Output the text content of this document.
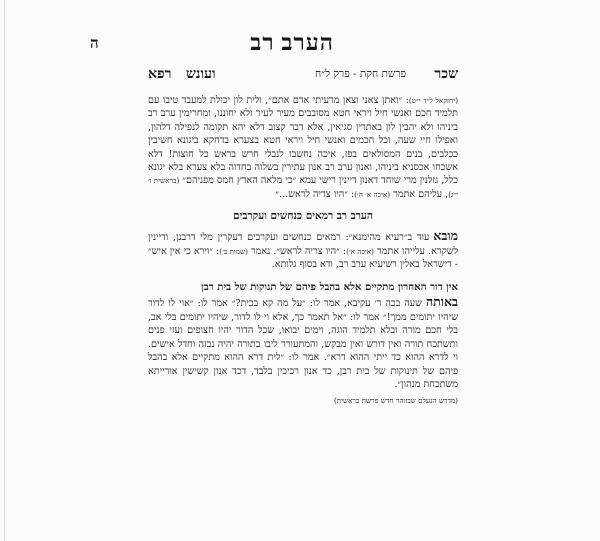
ה	הערב רב
שכר
פרשת חקת - פרק ל״ח
ועונש
רפא

(יחזקאל ל״ד י״ט): ״ואתן צאני וצאן מרעיתי אדם אתם״, ולית לון יכולת למעבד טיבו עם תלמיד חכם ואנשי חיל ויראי חטא מסובבים מעיר לעיר ולא יחוננו, ומחרימין ערב רב ביניהו ולא יהבין לון באתרין סגיאין, אלא דבר קצוב דלא יהא תקומה לנפילה דלהון, ואפילו חיי שעה, וכל חכמים ואנשי חיל ויראי חטא בצערא בדחקא ביגונא חשיבין ככלבים, בנים המסולאים בפז, איכה נחשבו לנבלי חרש בראש כל חוצות! דלא אשכחו אכסניא ביניהו, ואנון ערב רב אנון עתירין בשלוה בחדוה בלא צערא בלא יגונא כלל, גזלנין מרי שוחד דאנון דיינין רישי עמא ״כי מלאה הארץ חמס מפניהם״ (בראשית ו׳ י״ג), עליהם אתמר (איכה א׳ ה׳): ״היו צריה לראש...״

הערב רב רמאים כנחשים ועקרבים

מובאעוד ב״רעיא מהימנא״: רמאים כנחשים ועקרבים דעקרין מלי דרבנן, ודיינין לשקרא. עלייהו אתמר (איכה א׳): ״היו צריה לראש״. נאמר (שמות ב׳): ״וירא כי אין איש״ - דישראל באלין רשיעיא ערב רב, ודא בסוף גלותא.

אין דור האחרון מתקיים אלא בהבל פיהם של תנוקות של בית רבן

באותהשעה בכה ר׳ עקיבא, אמר לו: ״על מה קא בכית?״ אמר לו: ״אוי לו לדור שיהיו יתומים ממך!״ אמר לו: ״אל תאמר כך, אלא וי לו לדור, שיהיו יתומים בלי אב, בלי חכם מורה ובלא תלמיד הוגה, וימים יבואו, שכל הדור יהיו חצופים ועזי פנים ותשתכח תורה ואין דורש ואין מבקש, והמתעורר ליבו בתורה יהיה נבזה וחדל אישים. וי לדרא ההוא כד ייתי ההוא דרא״. אמר לו: ״לית דרא ההוא מתקיים אלא בהבל פיהם של תינוקות של בית רבן, כד אנון רכיכין בלבד, דכד אנון קשישין אורייתא משתכחת מנהון״.

(מדרש הנעלם שבזוהר חדש פרשת בראשית)
